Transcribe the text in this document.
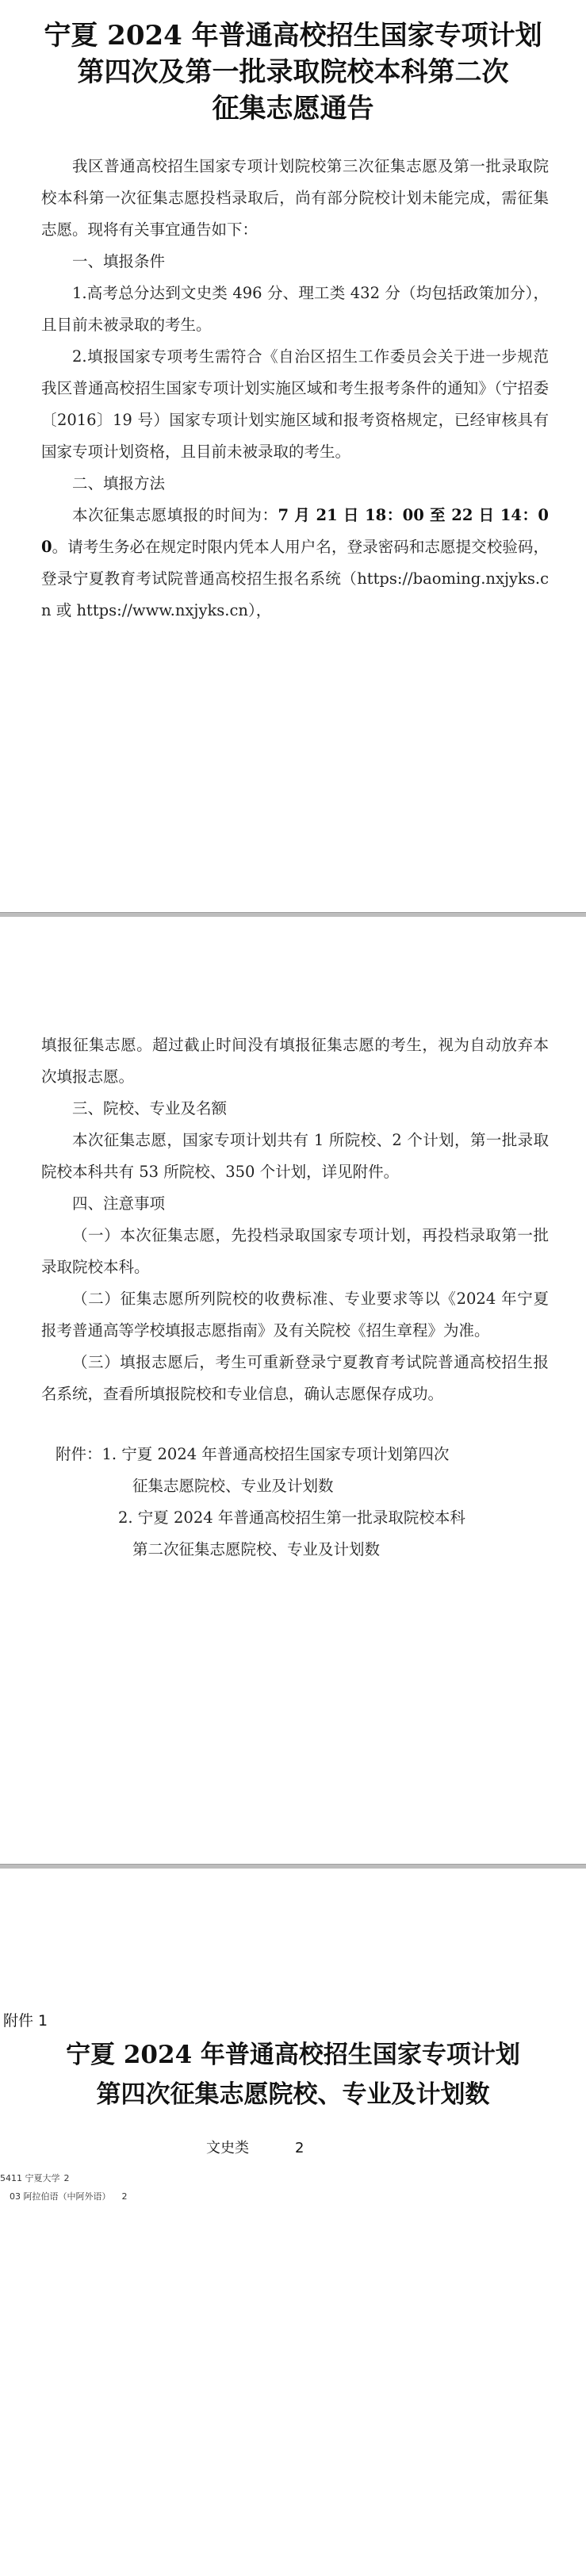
宁夏 2024 年普通高校招生国家专项计划
第四次及第一批录取院校本科第二次
征集志愿通告

我区普通高校招生国家专项计划院校第三次征集志愿及第一批录取院校本科第一次征集志愿投档录取后，尚有部分院校计划未能完成，需征集志愿。现将有关事宜通告如下：

一、填报条件

1.高考总分达到文史类 496 分、理工类 432 分（均包括政策加分），且目前未被录取的考生。

2.填报国家专项考生需符合《自治区招生工作委员会关于进一步规范我区普通高校招生国家专项计划实施区域和考生报考条件的通知》（宁招委〔2016〕19 号）国家专项计划实施区域和报考资格规定，已经审核具有国家专项计划资格，且目前未被录取的考生。

二、填报方法

本次征集志愿填报的时间为：7 月 21 日 18：00 至 22 日 14：00。请考生务必在规定时限内凭本人用户名，登录密码和志愿提交校验码，登录宁夏教育考试院普通高校招生报名系统（https://baoming.nxjyks.cn 或 https://www.nxjyks.cn），

填报征集志愿。超过截止时间没有填报征集志愿的考生，视为自动放弃本次填报志愿。

三、院校、专业及名额

本次征集志愿，国家专项计划共有 1 所院校、2 个计划，第一批录取院校本科共有 53 所院校、350 个计划，详见附件。

四、注意事项

（一）本次征集志愿，先投档录取国家专项计划，再投档录取第一批录取院校本科。

（二）征集志愿所列院校的收费标准、专业要求等以《2024 年宁夏报考普通高等学校填报志愿指南》及有关院校《招生章程》为准。

（三）填报志愿后，考生可重新登录宁夏教育考试院普通高校招生报名系统，查看所填报院校和专业信息，确认志愿保存成功。

附件：1. 宁夏 2024 年普通高校招生国家专项计划第四次

征集志愿院校、专业及计划数

2. 宁夏 2024 年普通高校招生第一批录取院校本科

第二次征集志愿院校、专业及计划数

附件 1
宁夏 2024 年普通高校招生国家专项计划
第四次征集志愿院校、专业及计划数
文史类	2
5411 宁夏大学 2
03 阿拉伯语（中阿外语） 2
